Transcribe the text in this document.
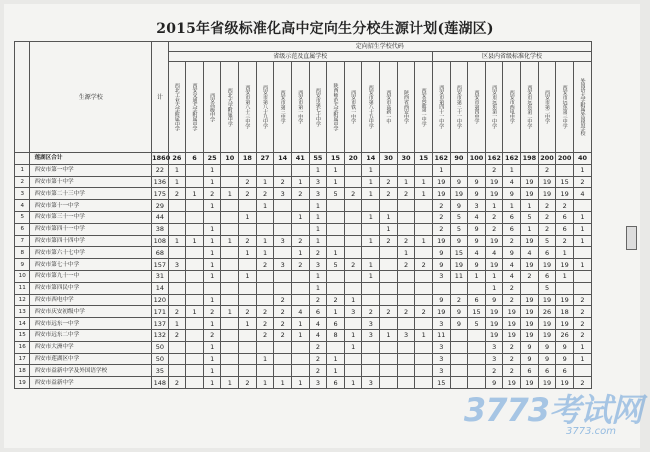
2015年省级标准化高中定向生分校生源计划(莲湖区)
	生源学校	计	定向招生学校代码																							
			省级示范及直属学校															区县内省级标准化学校								

			西北工业大学附属中学	西安交通大学附属中学	西安高级中学	西北大学附属中学	西安市第八十三中学	西安市第八十九中学	西安市第三中学	西安市第一中学	西安市第七十中学	陕西师范大学附属中学	西安市铁一中学	西安市第八十五中学	西安市高新一中	陕西省西安中学	西安高新第一中学	西安市第四十一中学	西安市第三十一中学	西安市第四中学	西安市远东第一中学	西安市西电中学	西安市远东第二中学	西安市第二中学	西安市远东第三中学	外国语大学附属外国语学校

	莲湖区合计	1860	26	6	25	10	18	27	14	41	55	15	20	14	30	30	15	162	90	100	162	162	198	200	200	40
1	西安市第一中学	22	1		1						1	1		1				1			2	1		2		1
2	西安市第十中学	136	1		1		2	1	2	1	3	1		1	2	1	1	19	9	9	19	4	19	19	15	2
3	西安市第二十三中学	175	2	1	2	1	2	2	3	2	3	5	2	1	2	2	1	19	19	9	19	9	19	19	19	4
4	西安市第十一中学	29			1			1			1							2	9	3	1	1	1	2	2	
5	西安市第三十一中学	44					1			1	1			1	1			2	5	4	2	6	5	2	6	1
6	西安市第四十一中学	38			1						1				1			2	5	9	2	6	1	2	6	1
7	西安市第四十四中学	108	1	1	1	1	2	1	3	2	1			1	2	2	1	19	9	9	19	2	19	5	2	1
8	西安市第六十七中学	68			1		1	1		1	2	1				1		9	15	4	4	9	4	6	1	
9	西安市第七十中学	157	3		1			2	3	2	3	5	2	1		2	2	9	19	9	19	4	19	19	19	1
10	西安市第九十一中	31			1		1				1			1				3	11	1	1	4	2	6	1	
11	西安市第四民中学	14									1										1	2		5		
12	西安市西电中学	120			1				2		2	2	1					9	2	6	9	2	19	19	19	2
13	西安市庆安初级中学	171	2	1	2	1	2	2	2	4	6	1	3	2	2	2	2	19	9	15	19	19	19	26	18	2
14	西安市远东一中学	137	1		1		1	2	2	1	4	6		3				3	9	5	19	19	19	19	19	2
15	西安市远东二中学	132	2		2			2	2	1	4	8	1	3	1	3	1	11			19	19	19	19	26	2
16	西安市大洲中学	50			1						2		1					3			3	2	9	9	9	1
17	西安市莲湖区中学	50			1			1			2	1						3			3	2	9	9	9	1
18	西安市益新中学及外国语学校	35			1						2	1						3			2	2	6	6	6	
19	西安市益新中学	148	2		1	1	2	1	1	1	3	6	1	3				15			9	19	19	19	19	2
3773考试网
3773.com
